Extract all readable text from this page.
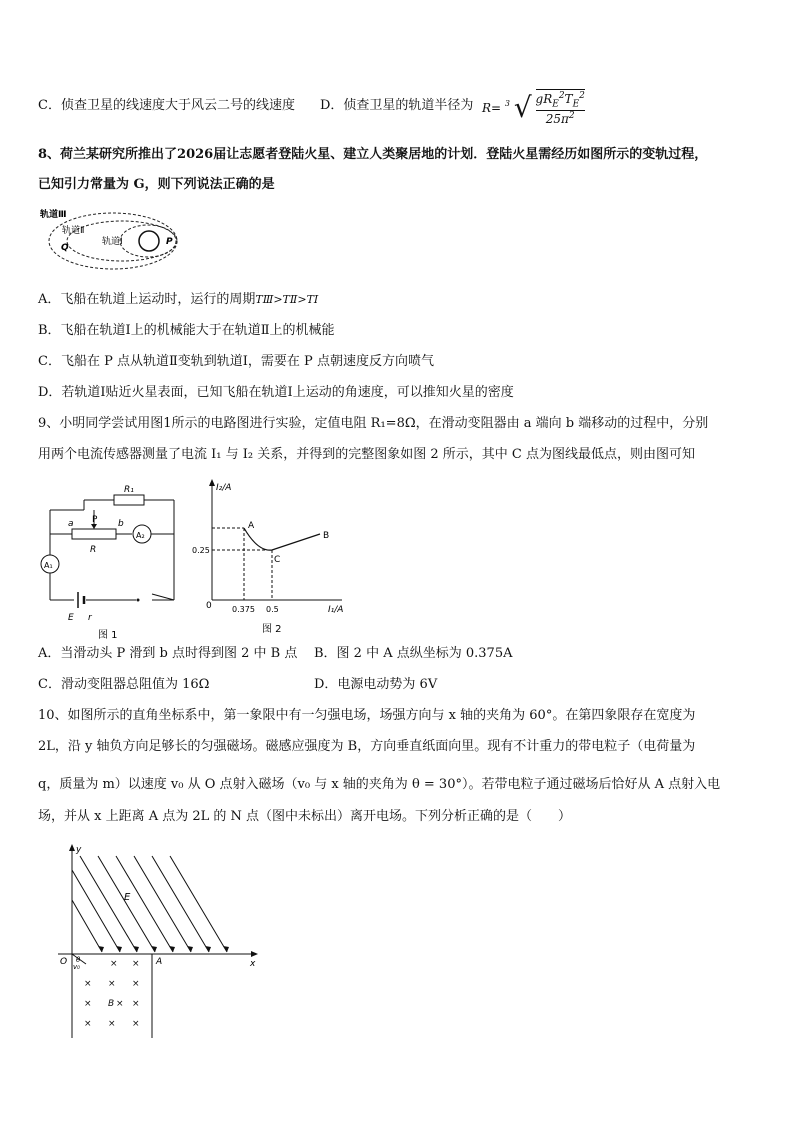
C．侦查卫星的线速度大于风云二号的线速度 D．侦查卫星的轨道半径为 R= $^3$ √ $gR_E^2T_E^2$
$25\pi^2$
8、荷兰某研究所推出了2026届让志愿者登陆火星、建立人类聚居地的计划．登陆火星需经历如图所示的变轨过程，
已知引力常量为 G，则下列说法正确的是
轨道Ⅲ
轨道Ⅱ
轨道Ⅰ
Q
P
A．飞船在轨道上运动时，运行的周期TⅢ>TⅡ>TⅠ
B．飞船在轨道Ⅰ上的机械能大于在轨道Ⅱ上的机械能
C．飞船在 P 点从轨道Ⅱ变轨到轨道Ⅰ，需要在 P 点朝速度反方向喷气
D．若轨道Ⅰ贴近火星表面，已知飞船在轨道Ⅰ上运动的角速度，可以推知火星的密度
9、小明同学尝试用图1所示的电路图进行实验，定值电阻 R₁=8Ω，在滑动变阻器由 a 端向 b 端移动的过程中，分别
用两个电流传感器测量了电流 I₁ 与 I₂ 关系，并得到的完整图象如图 2 所示，其中 C 点为图线最低点，则由图可知
R₁
P
a	b
R
A₂
A₁
E r
图 1
I₂/A
I₁/A
0
A
B
C
0.25
0.375 0.5
图 2
A．当滑动头 P 滑到 b 点时得到图 2 中 B 点 B．图 2 中 A 点纵坐标为 0.375A
C．滑动变阻器总阻值为 16Ω	D．电源电动势为 6V
10、如图所示的直角坐标系中，第一象限中有一匀强电场，场强方向与 x 轴的夹角为 60°。在第四象限存在宽度为
2L，沿 y 轴负方向足够长的匀强磁场。磁感应强度为 B，方向垂直纸面向里。现有不计重力的带电粒子（电荷量为
q，质量为 m）以速度 v₀ 从 O 点射入磁场（v₀ 与 x 轴的夹角为 θ = 30°）。若带电粒子通过磁场后恰好从 A 点射入电
场，并从 x 上距离 A 点为 2L 的 N 点（图中未标出）离开电场。下列分析正确的是（　　）
y
x
O	A
E
θ
v₀	× ×
× × ×
× B × ×
× × ×
